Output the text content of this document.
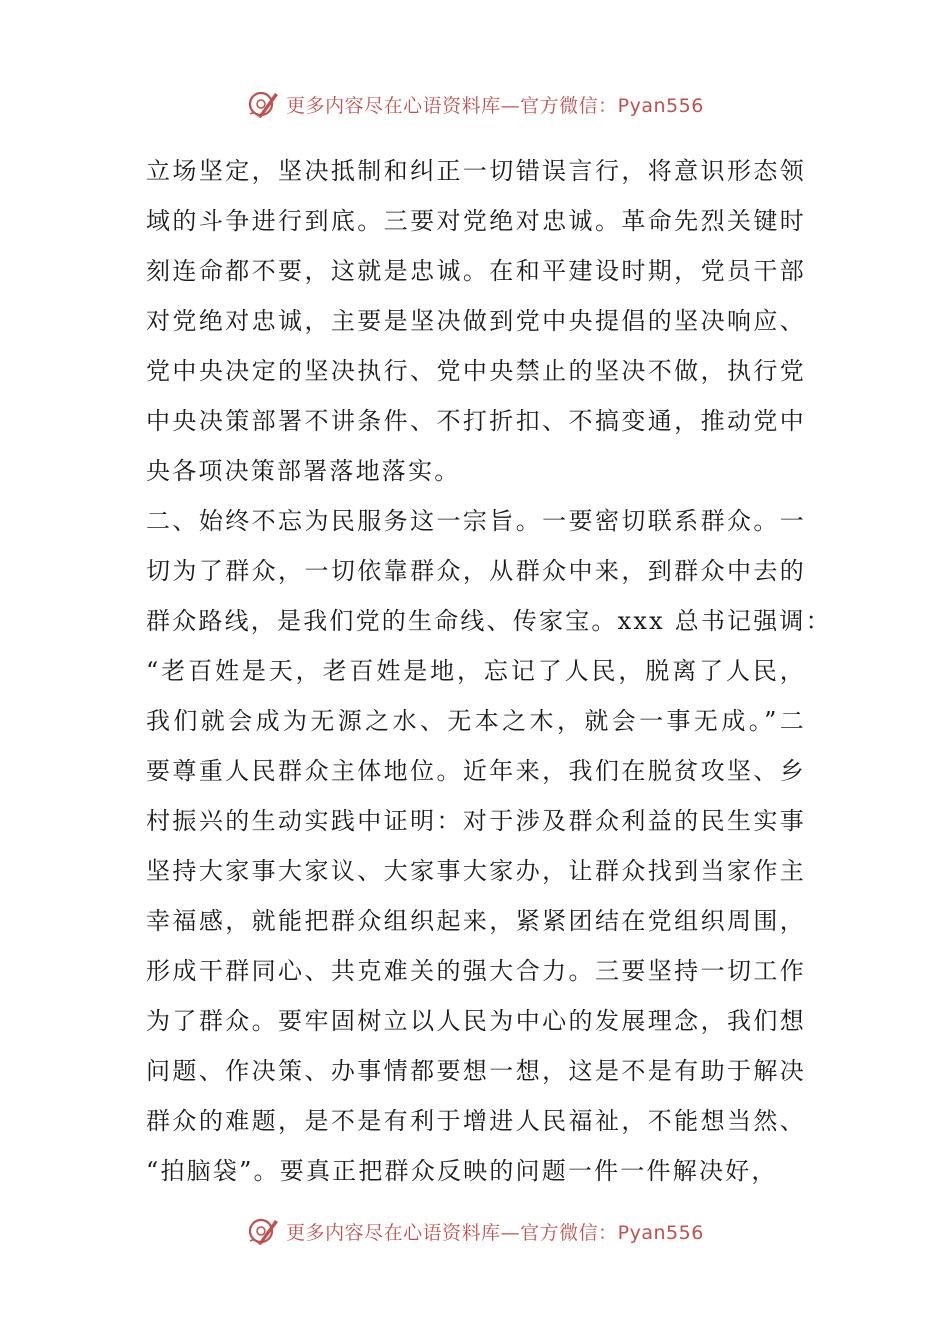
更多内容尽在心语资料库—官方微信：Pyan556
立场坚定，坚决抵制和纠正一切错误言行，将意识形态领
域的斗争进行到底。三要对党绝对忠诚。革命先烈关键时
刻连命都不要，这就是忠诚。在和平建设时期，党员干部
对党绝对忠诚，主要是坚决做到党中央提倡的坚决响应、
党中央决定的坚决执行、党中央禁止的坚决不做，执行党
中央决策部署不讲条件、不打折扣、不搞变通，推动党中
央各项决策部署落地落实。
二、始终不忘为民服务这一宗旨。一要密切联系群众。一
切为了群众，一切依靠群众，从群众中来，到群众中去的
群众路线，是我们党的生命线、传家宝。xxx 总书记强调：
“老百姓是天，老百姓是地，忘记了人民，脱离了人民，
我们就会成为无源之水、无本之木，就会一事无成。”二
要尊重人民群众主体地位。近年来，我们在脱贫攻坚、乡
村振兴的生动实践中证明：对于涉及群众利益的民生实事
坚持大家事大家议、大家事大家办，让群众找到当家作主
幸福感，就能把群众组织起来，紧紧团结在党组织周围，
形成干群同心、共克难关的强大合力。三要坚持一切工作
为了群众。要牢固树立以人民为中心的发展理念，我们想
问题、作决策、办事情都要想一想，这是不是有助于解决
群众的难题，是不是有利于增进人民福祉，不能想当然、
“拍脑袋”。要真正把群众反映的问题一件一件解决好，
更多内容尽在心语资料库—官方微信：Pyan556
